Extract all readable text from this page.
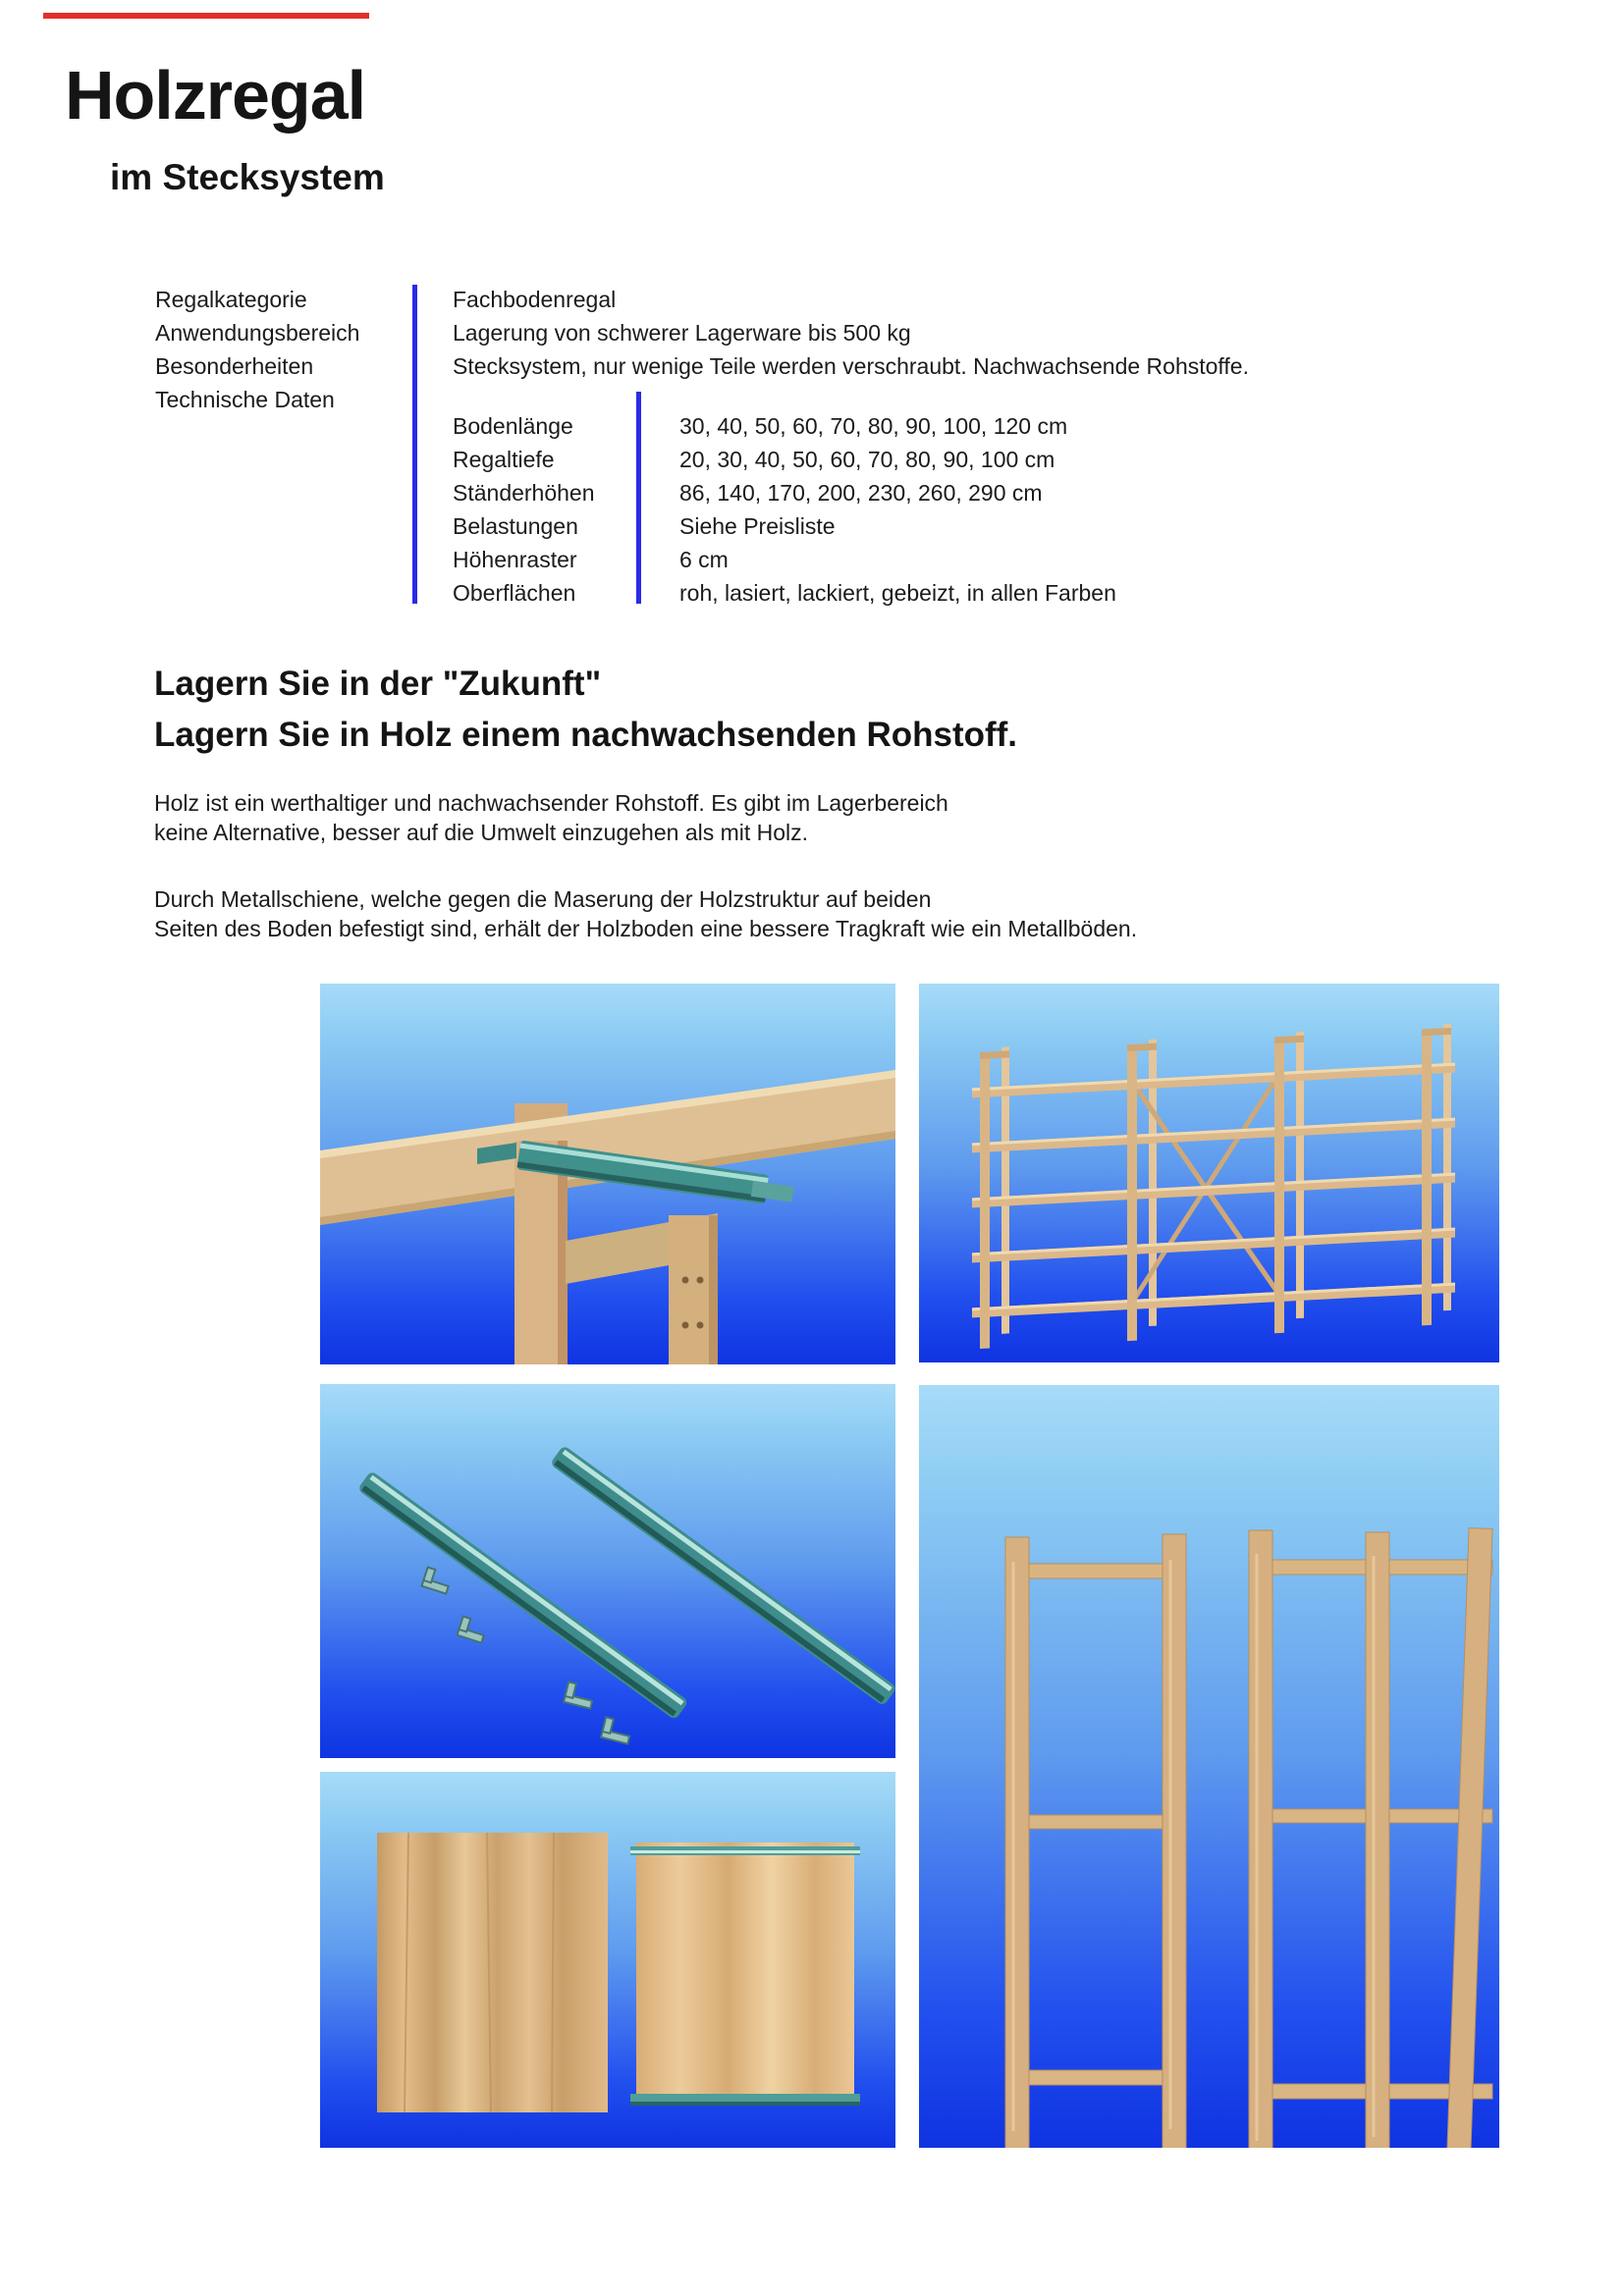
Holzregal
im Stecksystem
Regalkategorie
Anwendungsbereich
Besonderheiten
Technische Daten
Fachbodenregal
Lagerung von schwerer Lagerware bis 500 kg
Stecksystem, nur wenige Teile werden verschraubt. Nachwachsende Rohstoffe.
Bodenlänge
Regaltiefe
Ständerhöhen
Belastungen
Höhenraster
Oberflächen
30, 40, 50, 60, 70, 80, 90, 100, 120 cm
20, 30, 40, 50, 60, 70, 80, 90, 100 cm
86, 140, 170, 200, 230, 260, 290 cm
Siehe Preisliste
6 cm
roh, lasiert, lackiert, gebeizt, in allen Farben
Lagern Sie in der "Zukunft"
Lagern Sie in Holz einem nachwachsenden Rohstoff.
Holz ist ein werthaltiger und nachwachsender Rohstoff. Es gibt im Lagerbereich
keine Alternative, besser auf die Umwelt einzugehen als mit Holz.
Durch Metallschiene, welche gegen die Maserung der Holzstruktur auf beiden
Seiten des Boden befestigt sind, erhält der Holzboden eine bessere Tragkraft wie ein Metallböden.
